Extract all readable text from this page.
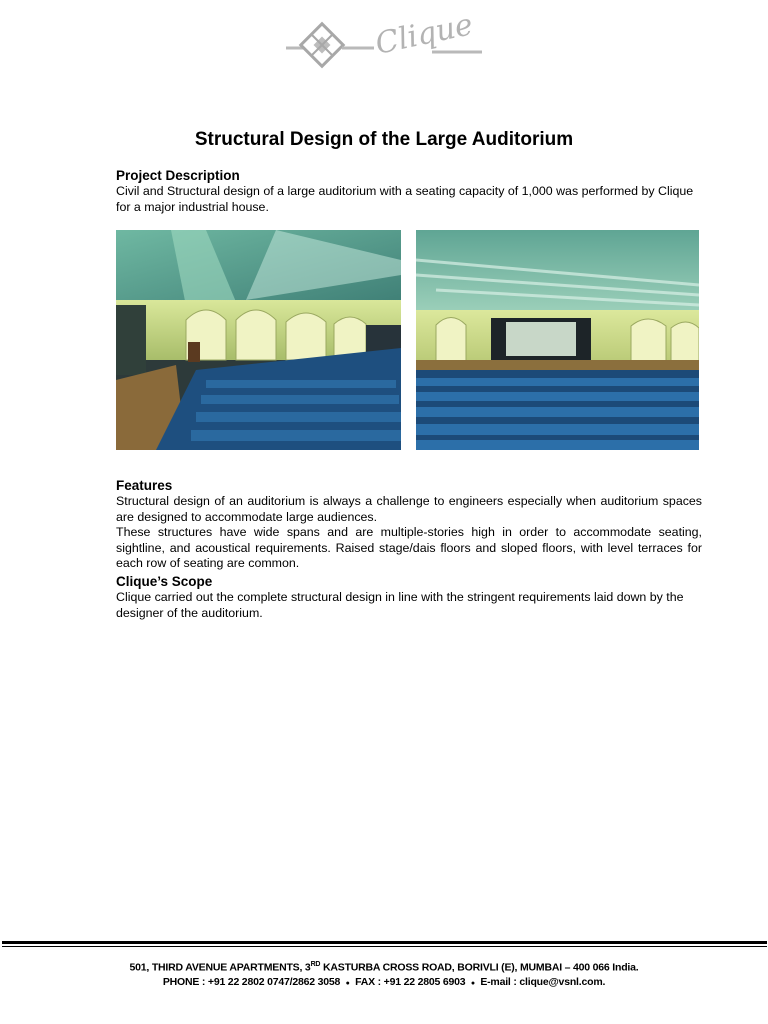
Clique
Structural Design of the Large Auditorium

Project Description

Civil and Structural design of a large auditorium with a seating capacity of 1,000 was performed by Clique for a major industrial house.

Features

Structural design of an auditorium is always a challenge to engineers especially when auditorium spaces are designed to accommodate large audiences.

These structures have wide spans and are multiple-stories high in order to accommodate seating, sightline, and acoustical requirements. Raised stage/dais floors and sloped floors, with level terraces for each row of seating are common.

Clique’s Scope

Clique carried out the complete structural design in line with the stringent requirements laid down by the designer of the auditorium.

501, THIRD AVENUE APARTMENTS, 3RD KASTURBA CROSS ROAD, BORIVLI (E), MUMBAI – 400 066 India.
PHONE : +91 22 2802 0747/2862 3058 ● FAX : +91 22 2805 6903 ● E-mail : clique@vsnl.com.
